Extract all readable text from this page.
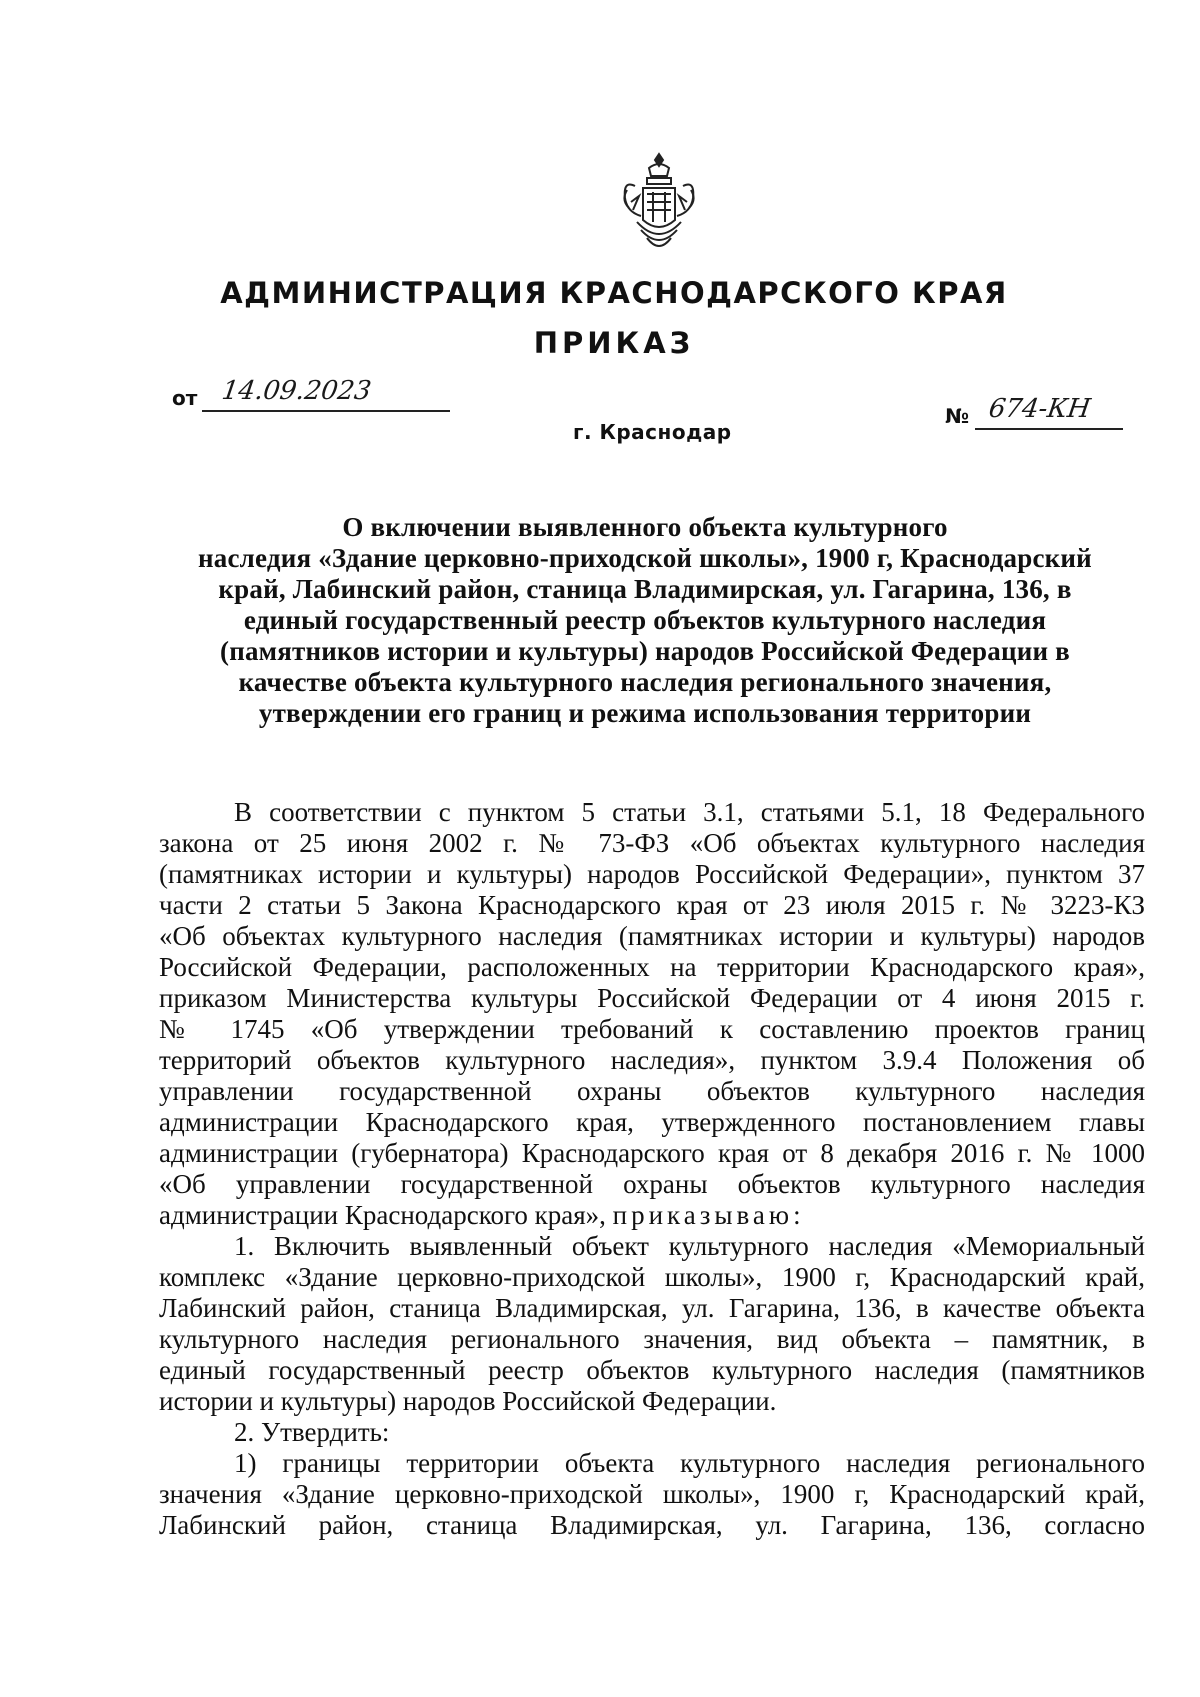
АДМИНИСТРАЦИЯ КРАСНОДАРСКОГО КРАЯ
ПРИКАЗ
от 14.09.2023
г. Краснодар
№ 674-КН
О включении выявленного объекта культурного
наследия «Здание церковно-приходской школы», 1900 г, Краснодарский
край, Лабинский район, станица Владимирская, ул. Гагарина, 136, в
единый государственный реестр объектов культурного наследия
(памятников истории и культуры) народов Российской Федерации в
качестве объекта культурного наследия регионального значения,
утверждении его границ и режима использования территории
В соответствии с пунктом 5 статьи 3.1, статьями 5.1, 18 Федерального
закона от 25 июня 2002 г. № 73-ФЗ «Об объектах культурного наследия
(памятниках истории и культуры) народов Российской Федерации», пунктом 37
части 2 статьи 5 Закона Краснодарского края от 23 июля 2015 г. № 3223-КЗ
«Об объектах культурного наследия (памятниках истории и культуры) народов
Российской Федерации, расположенных на территории Краснодарского края»,
приказом Министерства культуры Российской Федерации от 4 июня 2015 г.
№ 1745 «Об утверждении требований к составлению проектов границ
территорий объектов культурного наследия», пунктом 3.9.4 Положения об
управлении государственной охраны объектов культурного наследия
администрации Краснодарского края, утвержденного постановлением главы
администрации (губернатора) Краснодарского края от 8 декабря 2016 г. № 1000
«Об управлении государственной охраны объектов культурного наследия
администрации Краснодарского края», приказываю:
1. Включить выявленный объект культурного наследия «Мемориальный
комплекс «Здание церковно-приходской школы», 1900 г, Краснодарский край,
Лабинский район, станица Владимирская, ул. Гагарина, 136, в качестве объекта
культурного наследия регионального значения, вид объекта – памятник, в
единый государственный реестр объектов культурного наследия (памятников
истории и культуры) народов Российской Федерации.
2. Утвердить:
1) границы территории объекта культурного наследия регионального
значения «Здание церковно-приходской школы», 1900 г, Краснодарский край,
Лабинский район, станица Владимирская, ул. Гагарина, 136, согласно
